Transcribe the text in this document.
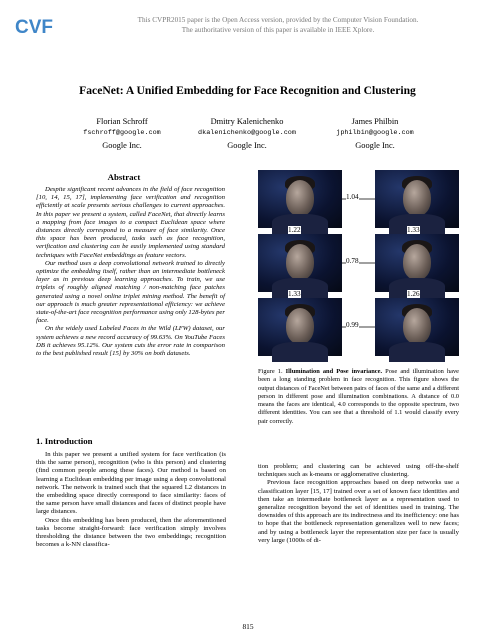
CVF	This CVPR2015 paper is the Open Access version, provided by the Computer Vision Foundation.
The authoritative version of this paper is available in IEEE Xplore.
FaceNet: A Unified Embedding for Face Recognition and Clustering
Florian Schroff
fschroff@google.com
Google Inc.
Dmitry Kalenichenko
dkalenichenko@google.com
Google Inc.
James Philbin
jphilbin@google.com
Google Inc.
Abstract

Despite significant recent advances in the field of face recognition [10, 14, 15, 17], implementing face verification and recognition efficiently at scale presents serious challenges to current approaches. In this paper we present a system, called FaceNet, that directly learns a mapping from face images to a compact Euclidean space where distances directly correspond to a measure of face similarity. Once this space has been produced, tasks such as face recognition, verification and clustering can be easily implemented using standard techniques with FaceNet embeddings as feature vectors.

Our method uses a deep convolutional network trained to directly optimize the embedding itself, rather than an intermediate bottleneck layer as in previous deep learning approaches. To train, we use triplets of roughly aligned matching / non-matching face patches generated using a novel online triplet mining method. The benefit of our approach is much greater representational efficiency: we achieve state-of-the-art face recognition performance using only 128-bytes per face.

On the widely used Labeled Faces in the Wild (LFW) dataset, our system achieves a new record accuracy of 99.63%. On YouTube Faces DB it achieves 95.12%. Our system cuts the error rate in comparison to the best published result [15] by 30% on both datasets.

1. Introduction

In this paper we present a unified system for face verification (is this the same person), recognition (who is this person) and clustering (find common people among these faces). Our method is based on learning a Euclidean embedding per image using a deep convolutional network. The network is trained such that the squared L2 distances in the embedding space directly correspond to face similarity: faces of the same person have small distances and faces of distinct people have large distances.

Once this embedding has been produced, then the aforementioned tasks become straight-forward: face verification simply involves thresholding the distance between the two embeddings; recognition becomes a k-NN classifica-

1.04
1.22	1.33
0.78
1.33	1.26
0.99
Figure 1. Illumination and Pose invariance. Pose and illumination have been a long standing problem in face recognition. This figure shows the output distances of FaceNet between pairs of faces of the same and a different person in different pose and illumination combinations. A distance of 0.0 means the faces are identical, 4.0 corresponds to the opposite spectrum, two different identities. You can see that a threshold of 1.1 would classify every pair correctly.

tion problem; and clustering can be achieved using off-the-shelf techniques such as k-means or agglomerative clustering.

Previous face recognition approaches based on deep networks use a classification layer [15, 17] trained over a set of known face identities and then take an intermediate bottleneck layer as a representation used to generalize recognition beyond the set of identities used in training. The downsides of this approach are its indirectness and its inefficiency: one has to hope that the bottleneck representation generalizes well to new faces; and by using a bottleneck layer the representation size per face is usually very large (1000s of di-

815
